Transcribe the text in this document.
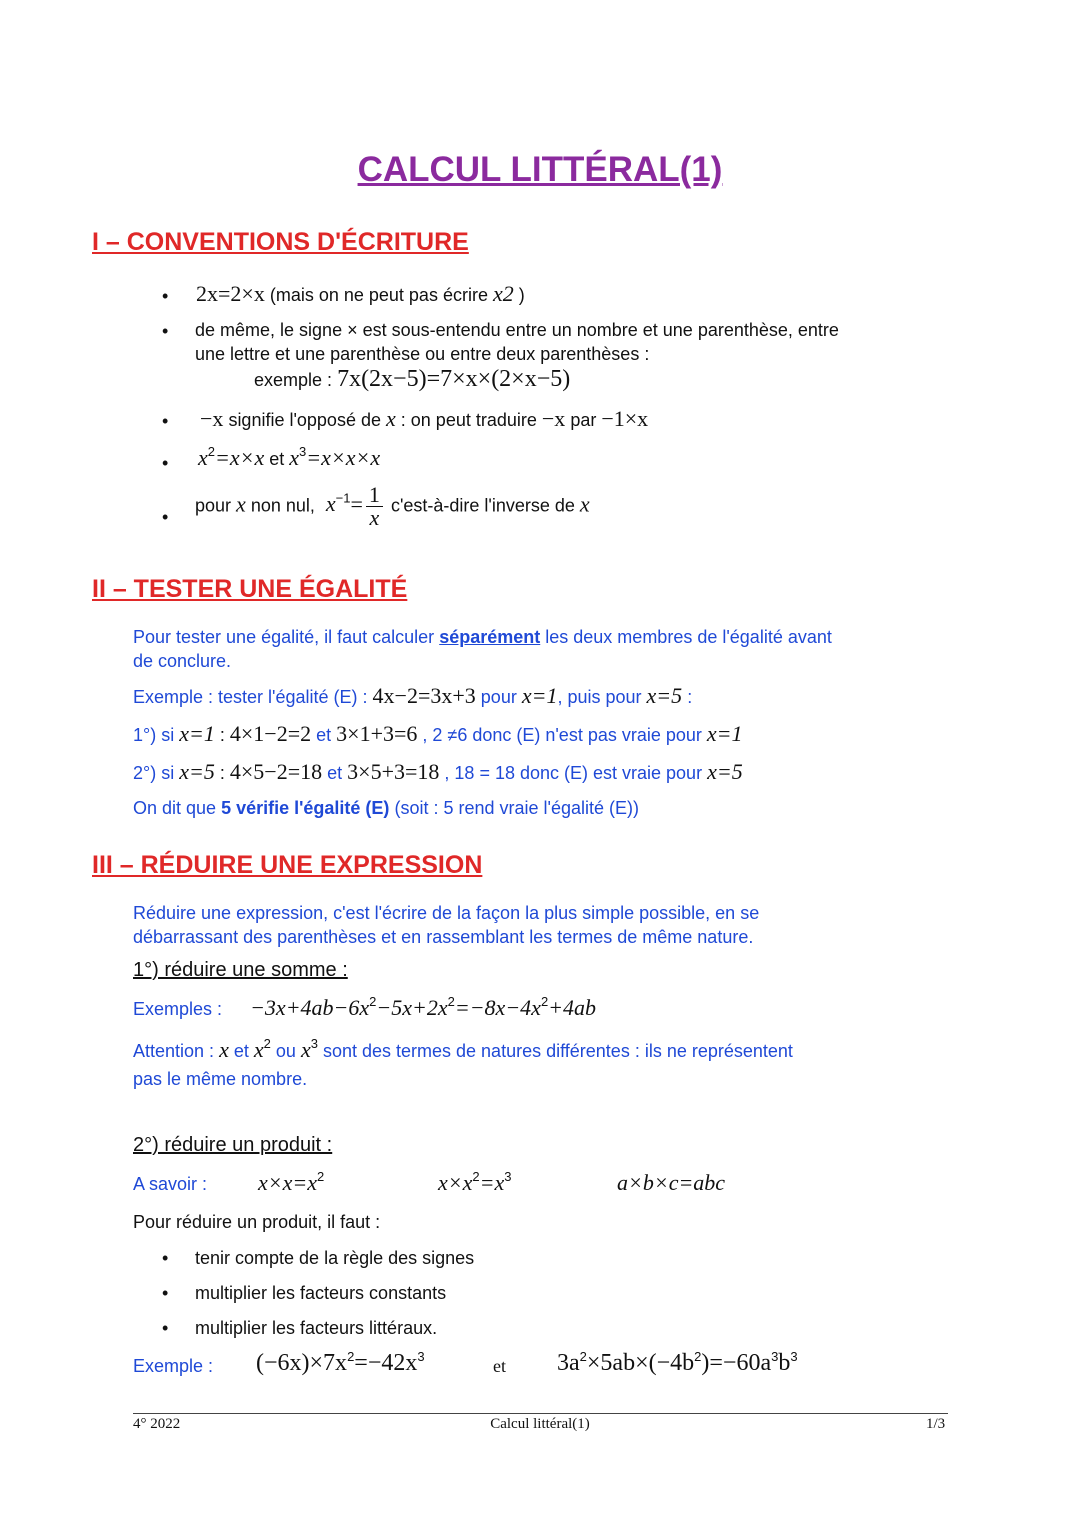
CALCUL LITTÉRAL(1)
I – CONVENTIONS D'ÉCRITURE
• 2x=2×x (mais on ne peut pas écrire x2 )
• de même, le signe × est sous-entendu entre un nombre et une parenthèse, entre
une lettre et une parenthèse ou entre deux parenthèses :
exemple : 7x(2x−5)=7×x×(2×x−5)
• −x signifie l'opposé de x : on peut traduire −x par −1×x
• $x^2=x\times x$ et $x^3=x\times x\times x$
•
pour x non nul, $x^{-1}= \frac{1}{x}$ c'est-à-dire l'inverse de x
II – TESTER UNE ÉGALITÉ
Pour tester une égalité, il faut calculer séparément les deux membres de l'égalité avant
de conclure.
Exemple : tester l'égalité (E) : 4x−2=3x+3 pour x=1, puis pour x=5 :
1°) si x=1 : 4×1−2=2 et 3×1+3=6 , 2 ≠6 donc (E) n'est pas vraie pour x=1
2°) si x=5 : 4×5−2=18 et 3×5+3=18 , 18 = 18 donc (E) est vraie pour x=5
On dit que 5 vérifie l'égalité (E) (soit : 5 rend vraie l'égalité (E))
III – RÉDUIRE UNE EXPRESSION
Réduire une expression, c'est l'écrire de la façon la plus simple possible, en se
débarrassant des parenthèses et en rassemblant les termes de même nature.
1°) réduire une somme :
Exemples : $-3x+4ab-6x^2-5x+2x^2=-8x-4x^2+4ab$
Attention : x et $x^2$ ou $x^3$ sont des termes de natures différentes : ils ne représentent
pas le même nombre.
2°) réduire un produit :
A savoir : $x\times x=x^2$	$x\times x^2=x^3$	a×b×c=abc
Pour réduire un produit, il faut :
• tenir compte de la règle des signes
• multiplier les facteurs constants
• multiplier les facteurs littéraux.
Exemple : $(-6x)\times 7x^2=-42x^3$	et $3a^2\times 5ab\times(-4b^2)=-60a^3b^3$
4° 2022	Calcul littéral(1)	1/3
